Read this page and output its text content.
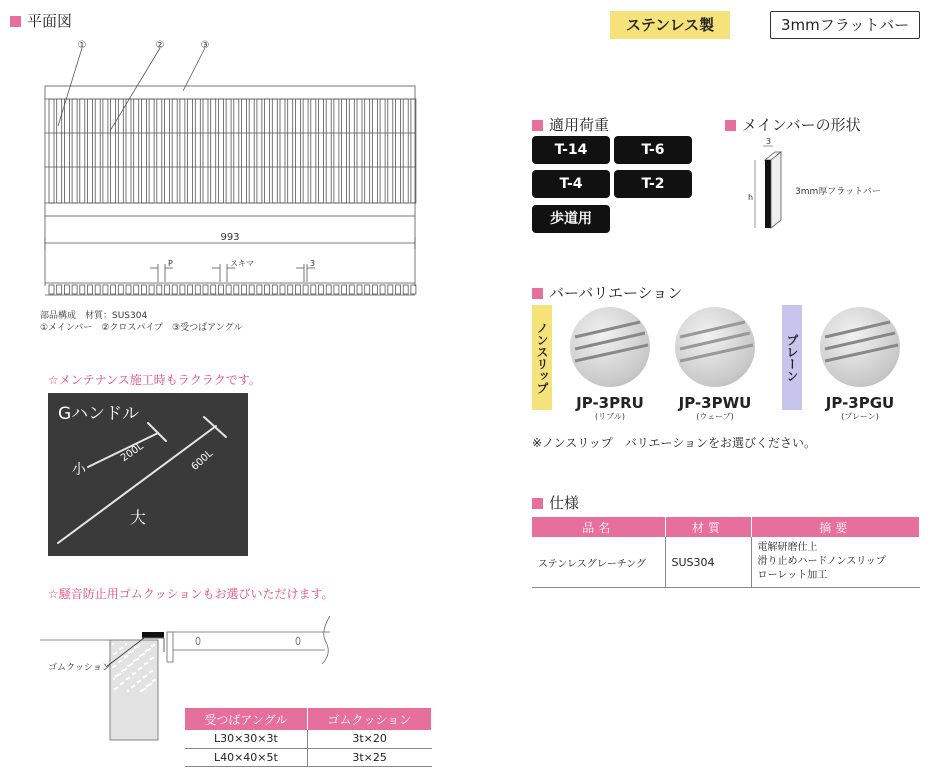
平面図	ステンレス製	3mmフラットバー
①	②	③
993
P	スキマ	3
部品構成　材質：SUS304
①メインバー　②クロスパイプ　③受つばアングル
☆メンテナンス施工時もラクラクです。
Gハンドル
小
200L
大
600L
☆騒音防止用ゴムクッションもお選びいただけます。
ゴムクッション
受つばアングル	ゴムクッション
L30×30×3t	3t×20
L40×40×5t	3t×25
適用荷重
T-14	T-6
T-4	T-2
歩道用
メインバーの形状
3
h
3mm厚フラットバー
バーバリエーション
ノンスリップ	プレーン
JP-3PRU
(リブル)
JP-3PWU
(ウェーブ)
JP-3PGU
(プレーン)
※ノンスリップ　バリエーションをお選びください。
仕様
品名	材質	摘要
ステンレスグレーチング	SUS304	電解研磨仕上
滑り止めハードノンスリップ
ローレット加工
